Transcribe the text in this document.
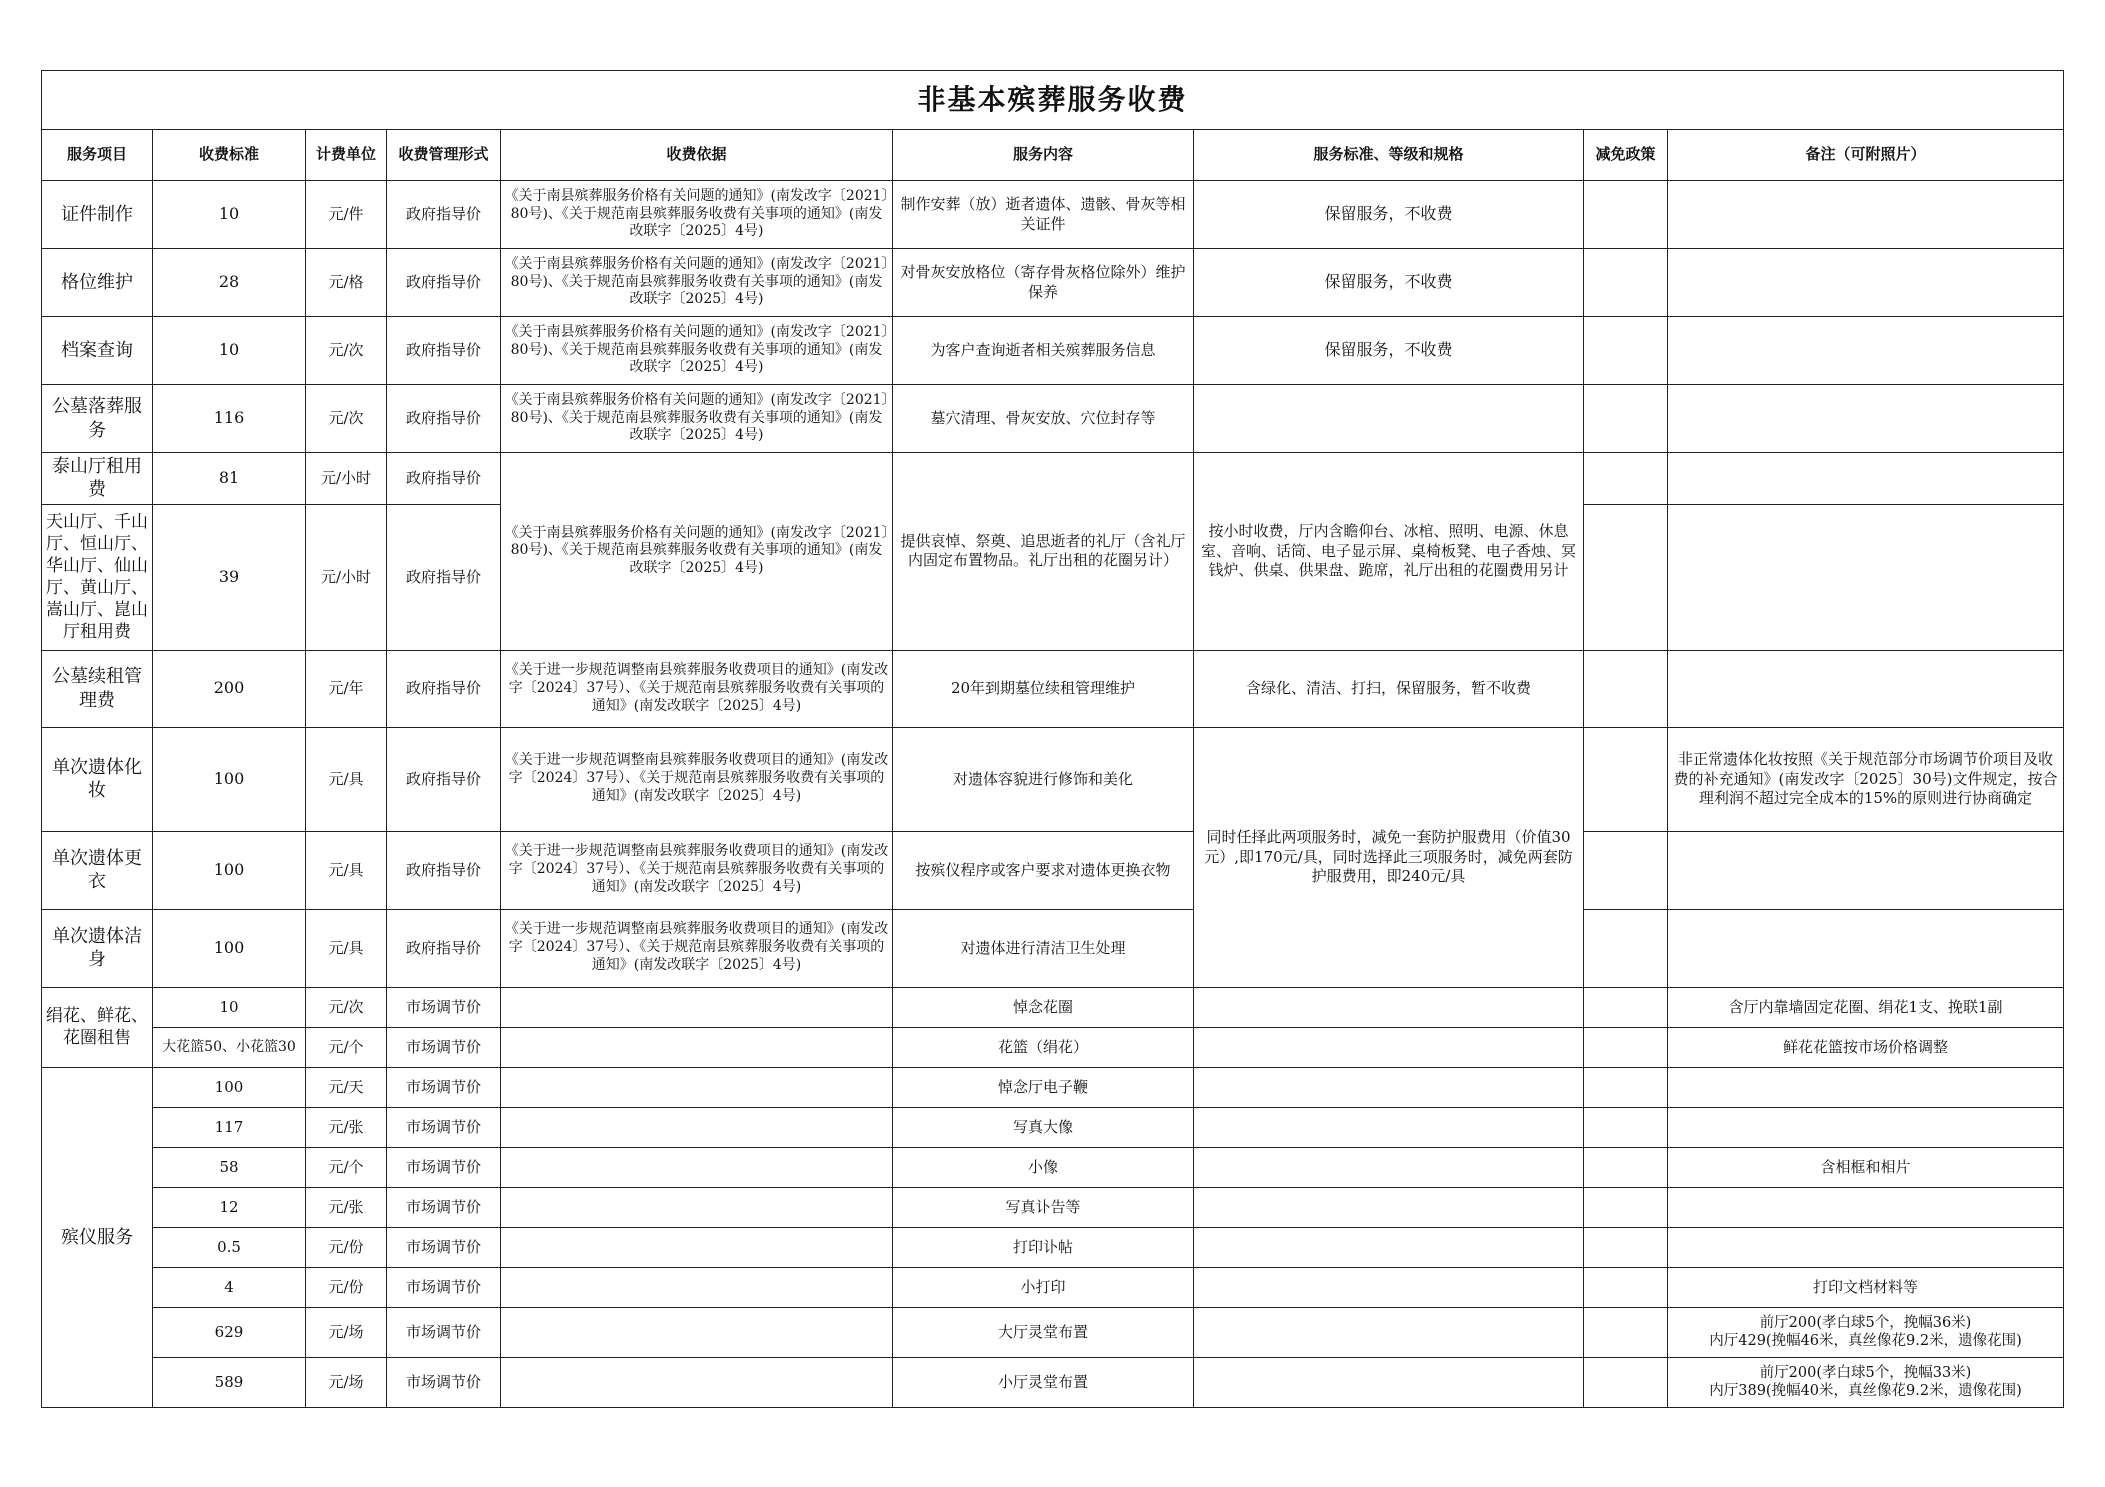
非基本殡葬服务收费								
服务项目	收费标准	计费单位	收费管理形式	收费依据	服务内容	服务标准、等级和规格	减免政策	备注（可附照片）
证件制作	10	元/件	政府指导价	《关于南县殡葬服务价格有关问题的通知》(南发改字〔2021〕80号)、《关于规范南县殡葬服务收费有关事项的通知》(南发改联字〔2025〕4号)	制作安葬（放）逝者遗体、遗骸、骨灰等相关证件	保留服务，不收费		
格位维护	28	元/格	政府指导价	《关于南县殡葬服务价格有关问题的通知》(南发改字〔2021〕80号)、《关于规范南县殡葬服务收费有关事项的通知》(南发改联字〔2025〕4号)	对骨灰安放格位（寄存骨灰格位除外）维护保养	保留服务，不收费		
档案查询	10	元/次	政府指导价	《关于南县殡葬服务价格有关问题的通知》(南发改字〔2021〕80号)、《关于规范南县殡葬服务收费有关事项的通知》(南发改联字〔2025〕4号)	为客户查询逝者相关殡葬服务信息	保留服务，不收费		
公墓落葬服务	116	元/次	政府指导价	《关于南县殡葬服务价格有关问题的通知》(南发改字〔2021〕80号)、《关于规范南县殡葬服务收费有关事项的通知》(南发改联字〔2025〕4号)	墓穴清理、骨灰安放、穴位封存等			
泰山厅租用费	81	元/小时	政府指导价	《关于南县殡葬服务价格有关问题的通知》(南发改字〔2021〕80号)、《关于规范南县殡葬服务收费有关事项的通知》(南发改联字〔2025〕4号)	提供哀悼、祭奠、追思逝者的礼厅（含礼厅内固定布置物品。礼厅出租的花圈另计）	按小时收费，厅内含瞻仰台、冰棺、照明、电源、休息室、音响、话筒、电子显示屏、桌椅板凳、电子香烛、冥钱炉、供桌、供果盘、跪席，礼厅出租的花圈费用另计		
天山厅、千山厅、恒山厅、华山厅、仙山厅、黄山厅、嵩山厅、崑山厅租用费	39	元/小时	政府指导价					
公墓续租管理费	200	元/年	政府指导价	《关于进一步规范调整南县殡葬服务收费项目的通知》(南发改字〔2024〕37号）、《关于规范南县殡葬服务收费有关事项的通知》(南发改联字〔2025〕4号)	20年到期墓位续租管理维护	含绿化、清洁、打扫，保留服务，暂不收费		
单次遗体化妆	100	元/具	政府指导价	《关于进一步规范调整南县殡葬服务收费项目的通知》(南发改字〔2024〕37号）、《关于规范南县殡葬服务收费有关事项的通知》(南发改联字〔2025〕4号)	对遗体容貌进行修饰和美化	同时任择此两项服务时，减免一套防护服费用（价值30元）,即170元/具，同时选择此三项服务时，减免两套防护服费用，即240元/具		非正常遗体化妆按照《关于规范部分市场调节价项目及收费的补充通知》(南发改字〔2025〕30号)文件规定，按合理利润不超过完全成本的15%的原则进行协商确定
单次遗体更衣	100	元/具	政府指导价	《关于进一步规范调整南县殡葬服务收费项目的通知》(南发改字〔2024〕37号）、《关于规范南县殡葬服务收费有关事项的通知》(南发改联字〔2025〕4号)	按殡仪程序或客户要求对遗体更换衣物			
单次遗体洁身	100	元/具	政府指导价	《关于进一步规范调整南县殡葬服务收费项目的通知》(南发改字〔2024〕37号）、《关于规范南县殡葬服务收费有关事项的通知》(南发改联字〔2025〕4号)	对遗体进行清洁卫生处理			
绢花、鲜花、花圈租售	10	元/次	市场调节价		悼念花圈			含厅内靠墙固定花圈、绢花1支、挽联1副
	大花篮50、小花篮30	元/个	市场调节价		花篮（绢花）			鲜花花篮按市场价格调整
殡仪服务	100	元/天	市场调节价		悼念厅电子鞭			
	117	元/张	市场调节价		写真大像			
	58	元/个	市场调节价		小像			含相框和相片
	12	元/张	市场调节价		写真讣告等			
	0.5	元/份	市场调节价		打印讣帖			
	4	元/份	市场调节价		小打印			打印文档材料等
	629	元/场	市场调节价		大厅灵堂布置			前厅200(孝白球5个，挽幅36米)
内厅429(挽幅46米，真丝像花9.2米，遗像花围)
	589	元/场	市场调节价		小厅灵堂布置			前厅200(孝白球5个，挽幅33米)
内厅389(挽幅40米，真丝像花9.2米，遗像花围)
